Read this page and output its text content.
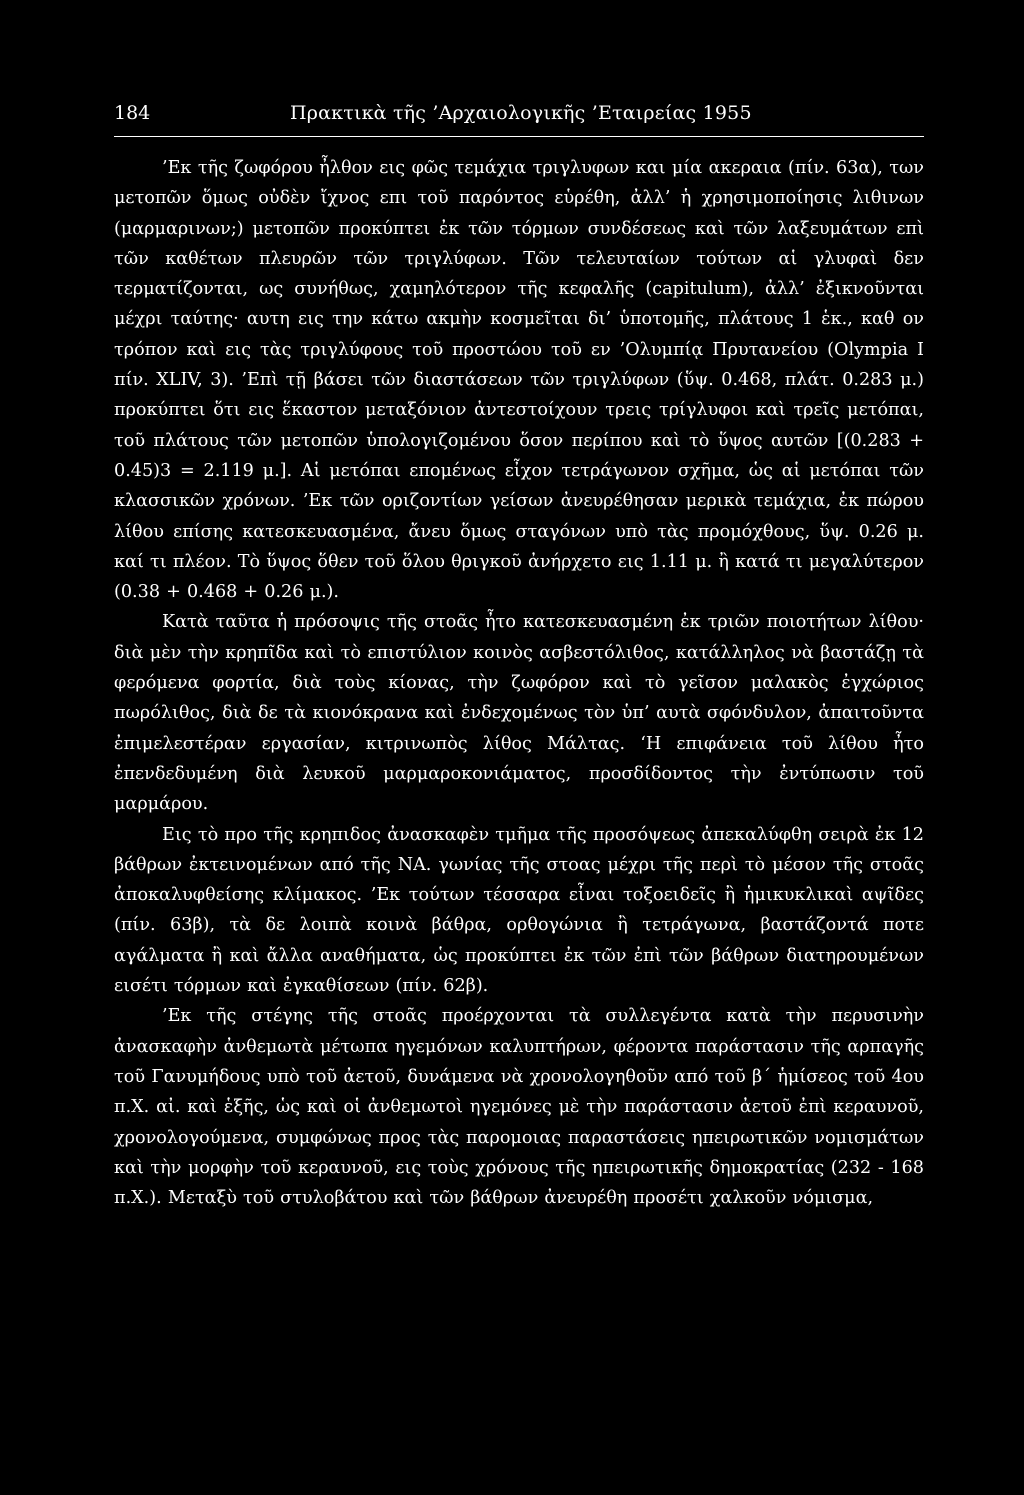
184	Πρακτικὰ τῆς ’Αρχαιολογικῆς ’Εταιρείας 1955

’Εκ τῆς ζωφόρου ἦλθον εις φῶς τεμάχια τριγλυφων και μία ακεραια (πίν. 63α), των μετοπῶν ὅμως οὐδὲν ἴχνος επι τοῦ παρόντος εὑρέθη, ἀλλ’ ἡ χρησιμοποίησις λιθινων (μαρμαρινων;) μετοπῶν προκύπτει ἐκ τῶν τόρμων συνδέσεως καὶ τῶν λαξευμάτων επὶ τῶν καθέτων πλευρῶν τῶν τριγλύφων. Τῶν τελευταίων τούτων αἱ γλυφαὶ δεν τερματίζονται, ως συνήθως, χαμηλότερον τῆς κεφαλῆς (capitulum), ἀλλ’ ἐξικνοῦνται μέχρι ταύτης· αυτη εις την κάτω ακμὴν κοσμεῖται δι’ ὑποτομῆς, πλάτους 1 ἑκ., καθ ον τρόπον καὶ εις τὰς τριγλύφους τοῦ προστώου τοῦ εν ’Ολυμπίᾳ Πρυτανείου (Olympia I πίν. XLIV, 3). ’Επὶ τῇ βάσει τῶν διαστάσεων τῶν τριγλύφων (ὕψ. 0.468, πλάτ. 0.283 μ.) προκύπτει ὅτι εις ἕκαστον μεταξόνιον ἀντεστοίχουν τρεις τρίγλυφοι καὶ τρεῖς μετόπαι, τοῦ πλάτους τῶν μετοπῶν ὑπολογιζομένου ὅσον περίπου καὶ τὸ ὕψος αυτῶν [(0.283 + 0.45)3 = 2.119 μ.]. Αἱ μετόπαι επομένως εἶχον τετράγωνον σχῆμα, ὡς αἱ μετόπαι τῶν κλασσικῶν χρόνων. ’Εκ τῶν οριζοντίων γείσων ἀνευρέθησαν μερικὰ τεμάχια, ἐκ πώρου λίθου επίσης κατεσκευασμένα, ἄνευ ὅμως σταγόνων υπὸ τὰς προμόχθους, ὕψ. 0.26 μ. καί τι πλέον. Τὸ ὕψος ὅθεν τοῦ ὅλου θριγκοῦ ἀνήρχετο εις 1.11 μ. ἢ κατά τι μεγαλύτερον (0.38 + 0.468 + 0.26 μ.).

Κατὰ ταῦτα ἡ πρόσοψις τῆς στοᾶς ἦτο κατεσκευασμένη ἐκ τριῶν ποιοτήτων λίθου· διὰ μὲν τὴν κρηπῖδα καὶ τὸ επιστύλιον κοινὸς ασβεστόλιθος, κατάλληλος νὰ βαστάζῃ τὰ φερόμενα φορτία, διὰ τοὺς κίονας, τὴν ζωφόρον καὶ τὸ γεῖσον μαλακὸς ἐγχώριος πωρόλιθος, διὰ δε τὰ κιονόκρανα καὶ ἐνδεχομένως τὸν ὑπ’ αυτὰ σφόνδυλον, ἀπαιτοῦντα ἐπιμελεστέραν εργασίαν, κιτρινωπὸς λίθος Μάλτας. ‘Η επιφάνεια τοῦ λίθου ἦτο ἐπενδεδυμένη διὰ λευκοῦ μαρμαροκονιάματος, προσδίδοντος τὴν ἐντύπωσιν τοῦ μαρμάρου.

Εις τὸ προ τῆς κρηπιδος ἀνασκαφὲν τμῆμα τῆς προσόψεως ἀπεκαλύφθη σειρὰ ἐκ 12 βάθρων ἐκτεινομένων από τῆς ΝΑ. γωνίας τῆς στοας μέχρι τῆς περὶ τὸ μέσον τῆς στοᾶς ἀποκαλυφθείσης κλίμακος. ’Εκ τούτων τέσσαρα εἶναι τοξοειδεῖς ἢ ἡμικυκλικαὶ αψῖδες (πίν. 63β), τὰ δε λοιπὰ κοινὰ βάθρα, ορθογώνια ἢ τετράγωνα, βαστάζοντά ποτε αγάλματα ἢ καὶ ἄλλα αναθήματα, ὡς προκύπτει ἐκ τῶν ἐπὶ τῶν βάθρων διατηρουμένων εισέτι τόρμων καὶ ἐγκαθίσεων (πίν. 62β).

’Εκ τῆς στέγης τῆς στοᾶς προέρχονται τὰ συλλεγέντα κατὰ τὴν περυσινὴν ἀνασκαφὴν ἀνθεμωτὰ μέτωπα ηγεμόνων καλυπτήρων, φέροντα παράστασιν τῆς αρπαγῆς τοῦ Γανυμήδους υπὸ τοῦ ἀετοῦ, δυνάμενα νὰ χρονολογηθοῦν από τοῦ β΄ ἡμίσεος τοῦ 4ου π.Χ. αἰ. καὶ ἑξῆς, ὡς καὶ οἱ ἀνθεμωτοὶ ηγεμόνες μὲ τὴν παράστασιν ἀετοῦ ἐπὶ κεραυνοῦ, χρονολογούμενα, συμφώνως προς τὰς παρομοιας παραστάσεις ηπειρωτικῶν νομισμάτων καὶ τὴν μορφὴν τοῦ κεραυνοῦ, εις τοὺς χρόνους τῆς ηπειρωτικῆς δημοκρατίας (232 - 168 π.Χ.). Μεταξὺ τοῦ στυλοβάτου καὶ τῶν βάθρων ἀνευρέθη προσέτι χαλκοῦν νόμισμα,
